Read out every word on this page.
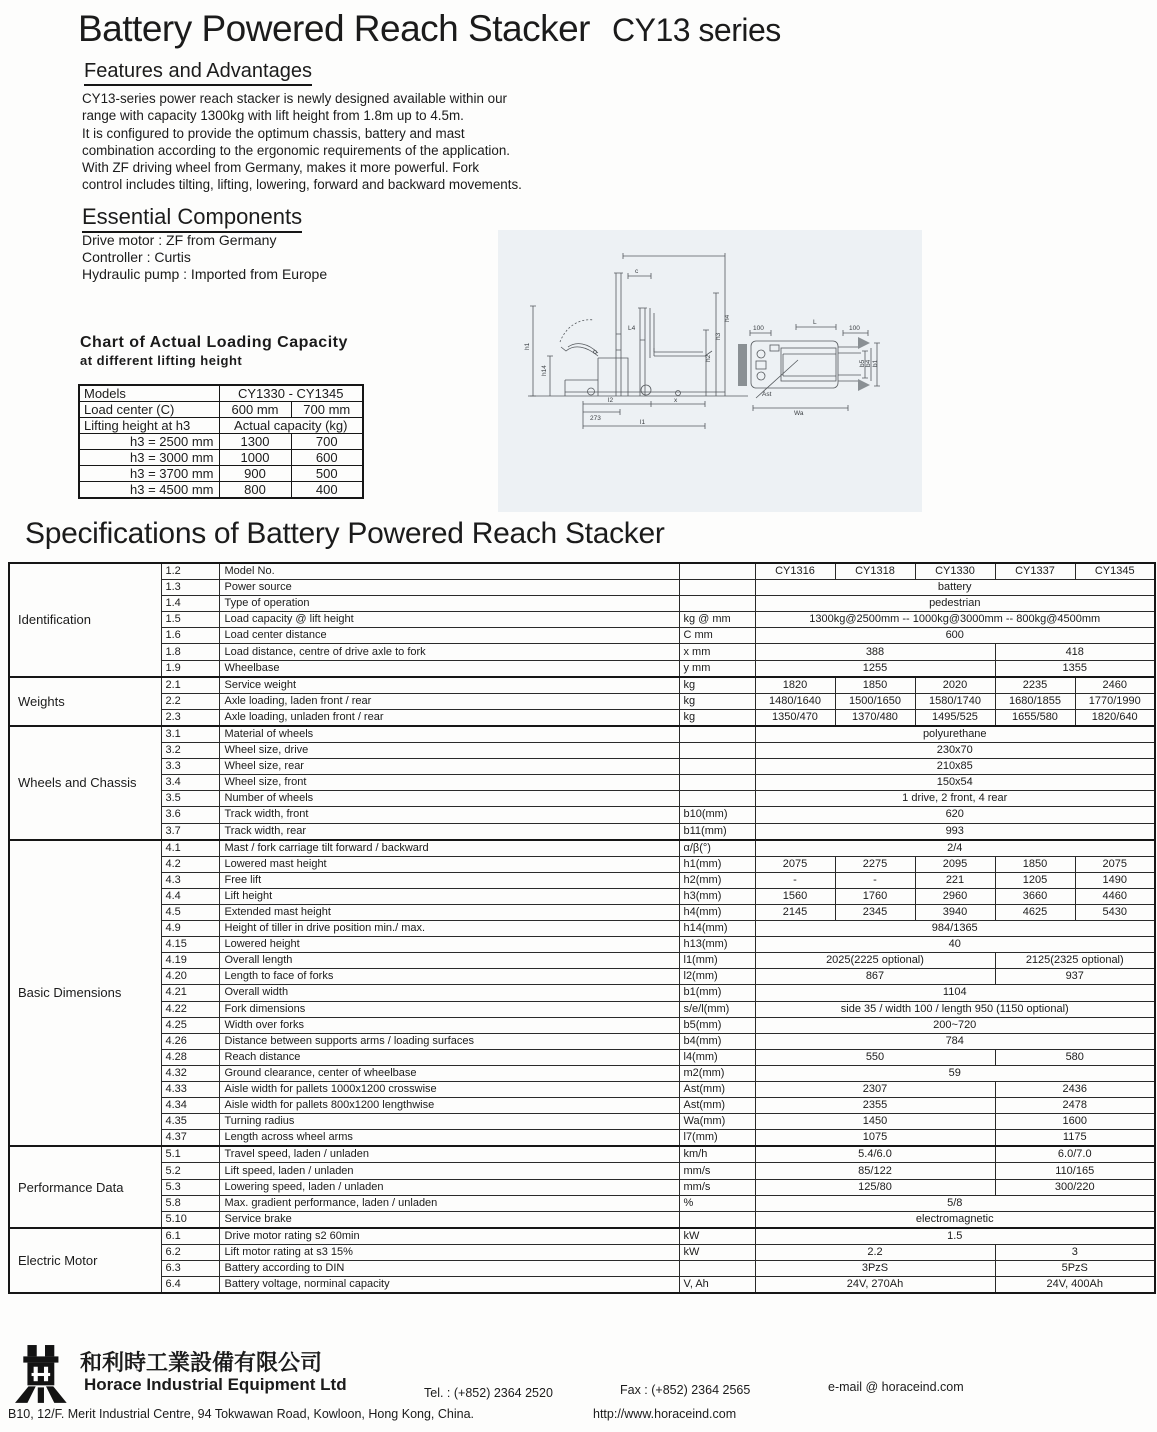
Battery Powered Reach Stacker CY13 series
Features and Advantages
CY13-series power reach stacker is newly designed available within our
range with capacity 1300kg with lift height from 1.8m up to 4.5m.
It is configured to provide the optimum chassis, battery and mast
combination according to the ergonomic requirements of the application.
With ZF driving wheel from Germany, makes it more powerful. Fork
control includes tilting, lifting, lowering, forward and backward movements.
Essential Components
Drive motor : ZF from Germany
Controller : Curtis
Hydraulic pump : Imported from Europe
Chart of Actual Loading Capacity
at different lifting height
Models	CY1330 - CY1345	
Load center (C)	600 mm	700 mm
Lifting height at h3	Actual capacity (kg)	
h3 = 2500 mm	1300	700
h3 = 3000 mm	1000	600
h3 = 3700 mm	900	500
h3 = 4500 mm	800	400
c
h4
h3
h2
h1
h14
L4
l2	x
273
l1
100
L
100
Wa
b5 b4 b1
Ast
Specifications of Battery Powered Reach Stacker
Identification	1.2	Model No.		CY1316	CY1318	CY1330	CY1337	CY1345
	1.3	Power source		battery				
	1.4	Type of operation		pedestrian				
	1.5	Load capacity @ lift height	kg @ mm	1300kg@2500mm -- 1000kg@3000mm -- 800kg@4500mm				
	1.6	Load center distance	C mm	600				
	1.8	Load distance, centre of drive axle to fork	x mm	388			418	
	1.9	Wheelbase	y mm	1255			1355	
Weights	2.1	Service weight	kg	1820	1850	2020	2235	2460
	2.2	Axle loading, laden front / rear	kg	1480/1640	1500/1650	1580/1740	1680/1855	1770/1990
	2.3	Axle loading, unladen front / rear	kg	1350/470	1370/480	1495/525	1655/580	1820/640
Wheels and Chassis	3.1	Material of wheels		polyurethane				
	3.2	Wheel size, drive		230x70				
	3.3	Wheel size, rear		210x85				
	3.4	Wheel size, front		150x54				
	3.5	Number of wheels		1 drive, 2 front, 4 rear				
	3.6	Track width, front	b10(mm)	620				
	3.7	Track width, rear	b11(mm)	993				
Basic Dimensions	4.1	Mast / fork carriage tilt forward / backward	α/β(°)	2/4				
	4.2	Lowered mast height	h1(mm)	2075	2275	2095	1850	2075
	4.3	Free lift	h2(mm)	-	-	221	1205	1490
	4.4	Lift height	h3(mm)	1560	1760	2960	3660	4460
	4.5	Extended mast height	h4(mm)	2145	2345	3940	4625	5430
	4.9	Height of tiller in drive position min./ max.	h14(mm)	984/1365				
	4.15	Lowered height	h13(mm)	40				
	4.19	Overall length	l1(mm)	2025(2225 optional)			2125(2325 optional)	
	4.20	Length to face of forks	l2(mm)	867			937	
	4.21	Overall width	b1(mm)	1104				
	4.22	Fork dimensions	s/e/l(mm)	side 35 / width 100 / length 950 (1150 optional)				
	4.25	Width over forks	b5(mm)	200~720				
	4.26	Distance between supports arms / loading surfaces	b4(mm)	784				
	4.28	Reach distance	l4(mm)	550			580	
	4.32	Ground clearance, center of wheelbase	m2(mm)	59				
	4.33	Aisle width for pallets 1000x1200 crosswise	Ast(mm)	2307			2436	
	4.34	Aisle width for pallets 800x1200 lengthwise	Ast(mm)	2355			2478	
	4.35	Turning radius	Wa(mm)	1450			1600	
	4.37	Length across wheel arms	l7(mm)	1075			1175	
Performance Data	5.1	Travel speed, laden / unladen	km/h	5.4/6.0			6.0/7.0	
	5.2	Lift speed, laden / unladen	mm/s	85/122			110/165	
	5.3	Lowering speed, laden / unladen	mm/s	125/80			300/220	
	5.8	Max. gradient performance, laden / unladen	%	5/8				
	5.10	Service brake		electromagnetic				
Electric Motor	6.1	Drive motor rating s2 60min	kW	1.5				
	6.2	Lift motor rating at s3 15%	kW	2.2			3	
	6.3	Battery according to DIN		3PzS			5PzS	
	6.4	Battery voltage, norminal capacity	V, Ah	24V, 270Ah			24V, 400Ah	
和利時工業設備有限公司
Horace Industrial Equipment Ltd	Tel. : (+852) 2364 2520	Fax : (+852) 2364 2565	e-mail @ horaceind.com
B10, 12/F. Merit Industrial Centre, 94 Tokwawan Road, Kowloon, Hong Kong, China.	http://www.horaceind.com
